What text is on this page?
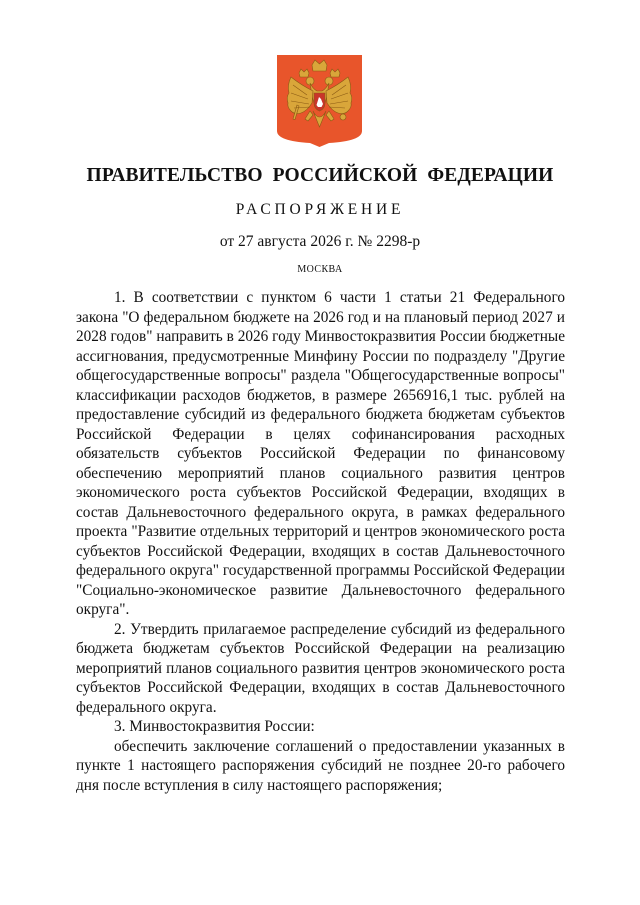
ПРАВИТЕЛЬСТВО РОССИЙСКОЙ ФЕДЕРАЦИИ
РАСПОРЯЖЕНИЕ
от 27 августа 2026 г. № 2298-р
МОСКВА

1. В соответствии с пунктом 6 части 1 статьи 21 Федерального закона "О федеральном бюджете на 2026 год и на плановый период 2027 и 2028 годов" направить в 2026 году Минвостокразвития России бюджетные ассигнования, предусмотренные Минфину России по подразделу "Другие общегосударственные вопросы" раздела "Общегосударственные вопросы" классификации расходов бюджетов, в размере 2656916,1 тыс. рублей на предоставление субсидий из федерального бюджета бюджетам субъектов Российской Федерации в целях софинансирования расходных обязательств субъектов Российской Федерации по финансовому обеспечению мероприятий планов социального развития центров экономического роста субъектов Российской Федерации, входящих в состав Дальневосточного федерального округа, в рамках федерального проекта "Развитие отдельных территорий и центров экономического роста субъектов Российской Федерации, входящих в состав Дальневосточного федерального округа" государственной программы Российской Федерации "Социально-экономическое развитие Дальневосточного федерального округа".

2. Утвердить прилагаемое распределение субсидий из федерального бюджета бюджетам субъектов Российской Федерации на реализацию мероприятий планов социального развития центров экономического роста субъектов Российской Федерации, входящих в состав Дальневосточного федерального округа.

3. Минвостокразвития России:

обеспечить заключение соглашений о предоставлении указанных в пункте 1 настоящего распоряжения субсидий не позднее 20-го рабочего дня после вступления в силу настоящего распоряжения;
